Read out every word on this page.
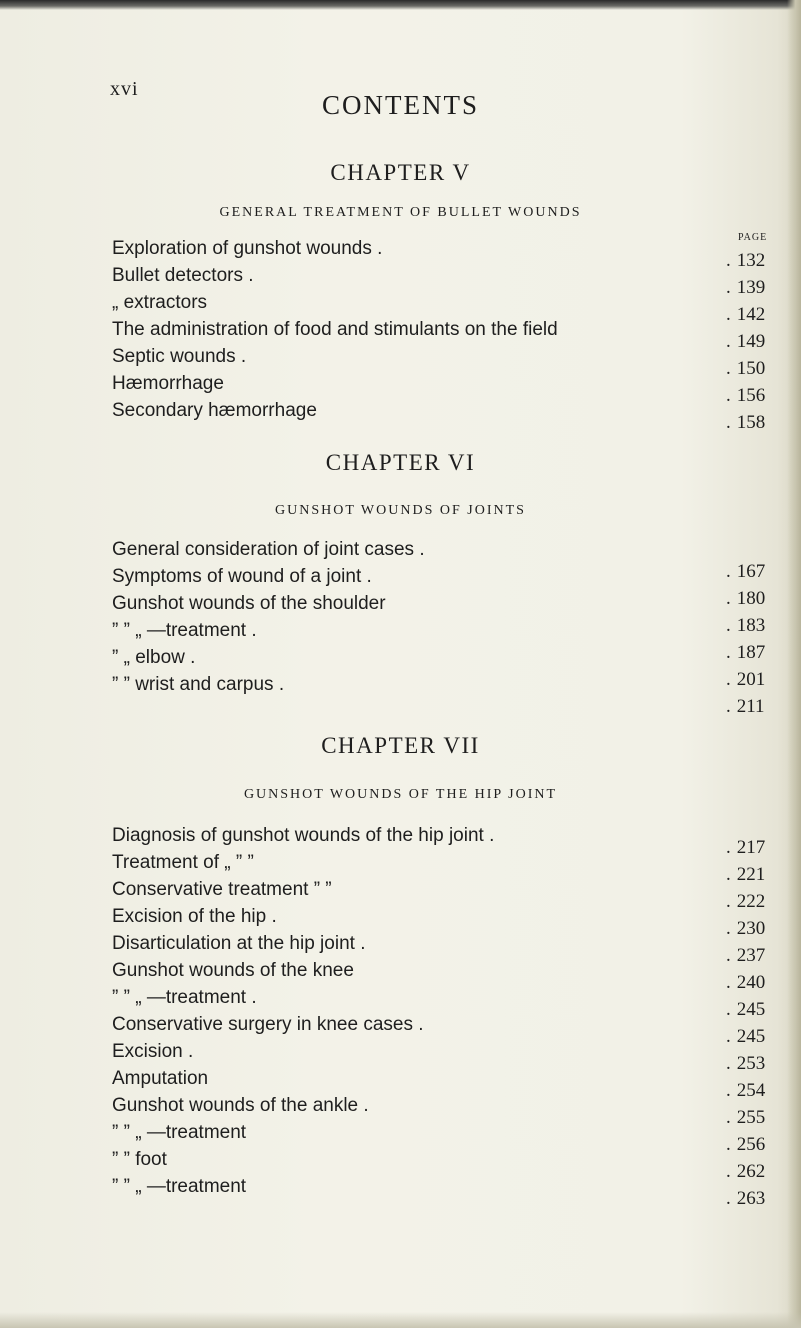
xvi
CONTENTS
PAGE
CHAPTER V
GENERAL TREATMENT OF BULLET WOUNDS
Exploration of gunshot wounds .
. 132
Bullet detectors .
. 139
„ extractors
. 142
The administration of food and stimulants on the field
. 149
Septic wounds .
. 150
Hæmorrhage
. 156
Secondary hæmorrhage
. 158
CHAPTER VI
GUNSHOT WOUNDS OF JOINTS
General consideration of joint cases .
. 167
Symptoms of wound of a joint .
. 180
Gunshot wounds of the shoulder
. 183
” ” „ —treatment .
. 187
” „ elbow .
. 201
” ” wrist and carpus .
. 211
CHAPTER VII
GUNSHOT WOUNDS OF THE HIP JOINT
Diagnosis of gunshot wounds of the hip joint .
. 217
Treatment of „ ” ”
. 221
Conservative treatment ” ”
. 222
Excision of the hip .
. 230
Disarticulation at the hip joint .
. 237
Gunshot wounds of the knee
. 240
” ” „ —treatment .
. 245
Conservative surgery in knee cases .
. 245
Excision .
. 253
Amputation
. 254
Gunshot wounds of the ankle .
. 255
” ” „ —treatment
. 256
” ” foot
. 262
” ” „ —treatment
. 263
